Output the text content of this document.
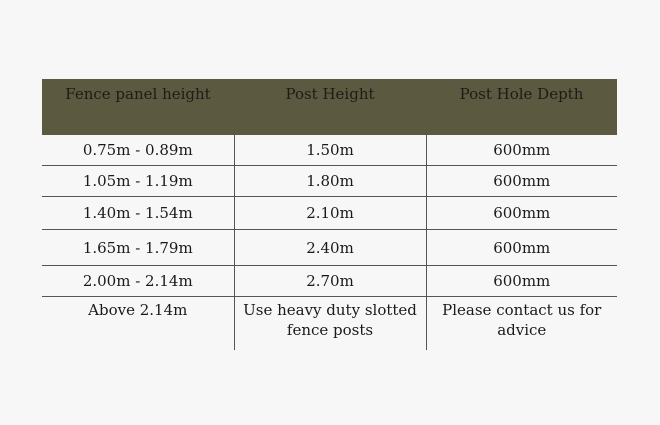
Fence panel height	Post Height	Post Hole Depth
0.75m - 0.89m	1.50m	600mm
1.05m - 1.19m	1.80m	600mm
1.40m - 1.54m	2.10m	600mm
1.65m - 1.79m	2.40m	600mm
2.00m - 2.14m	2.70m	600mm
Above 2.14m	Use heavy duty slotted fence posts	Please contact us for advice
